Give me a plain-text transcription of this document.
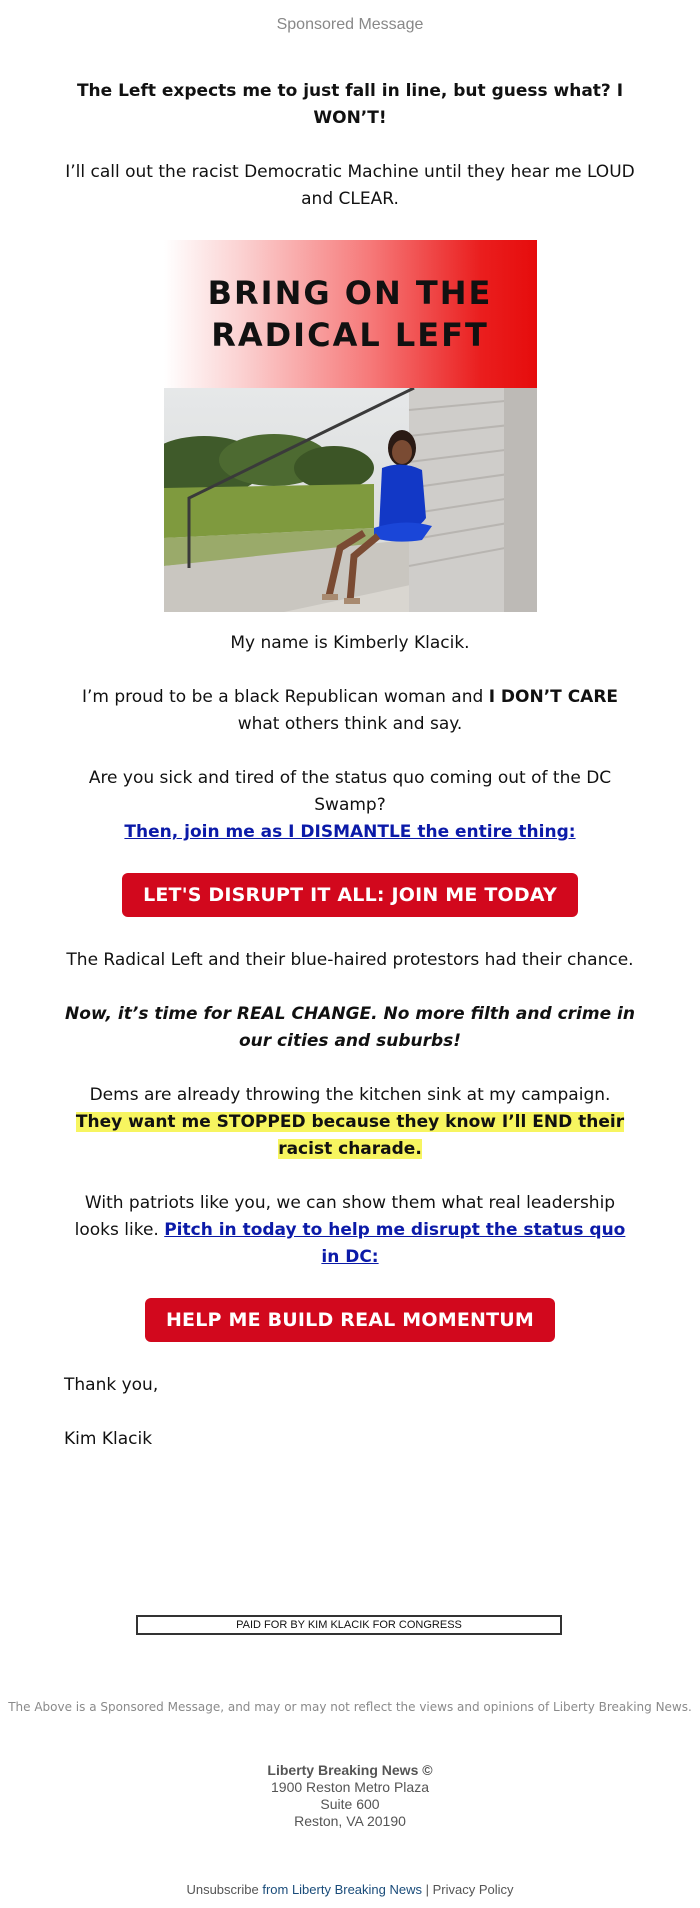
Sponsored Message

The Left expects me to just fall in line, but guess what? I WON’T!

I’ll call out the racist Democratic Machine until they hear me LOUD and CLEAR.

BRING ON THE
RADICAL LEFT

My name is Kimberly Klacik.

I’m proud to be a black Republican woman and I DON’T CARE what others think and say.

Are you sick and tired of the status quo coming out of the DC Swamp?
Then, join me as I DISMANTLE the entire thing:

LET'S DISRUPT IT ALL: JOIN ME TODAY

The Radical Left and their blue-haired protestors had their chance.

Now, it’s time for REAL CHANGE. No more filth and crime in our cities and suburbs!

Dems are already throwing the kitchen sink at my campaign. They want me STOPPED because they know I’ll END their racist charade.

With patriots like you, we can show them what real leadership looks like. Pitch in today to help me disrupt the status quo in DC:

HELP ME BUILD REAL MOMENTUM

Thank you,

Kim Klacik

PAID FOR BY KIM KLACIK FOR CONGRESS
The Above is a Sponsored Message, and may or may not reflect the views and opinions of Liberty Breaking News.
Liberty Breaking News ©
1900 Reston Metro Plaza
Suite 600
Reston, VA 20190
Unsubscribe from Liberty Breaking News | Privacy Policy
